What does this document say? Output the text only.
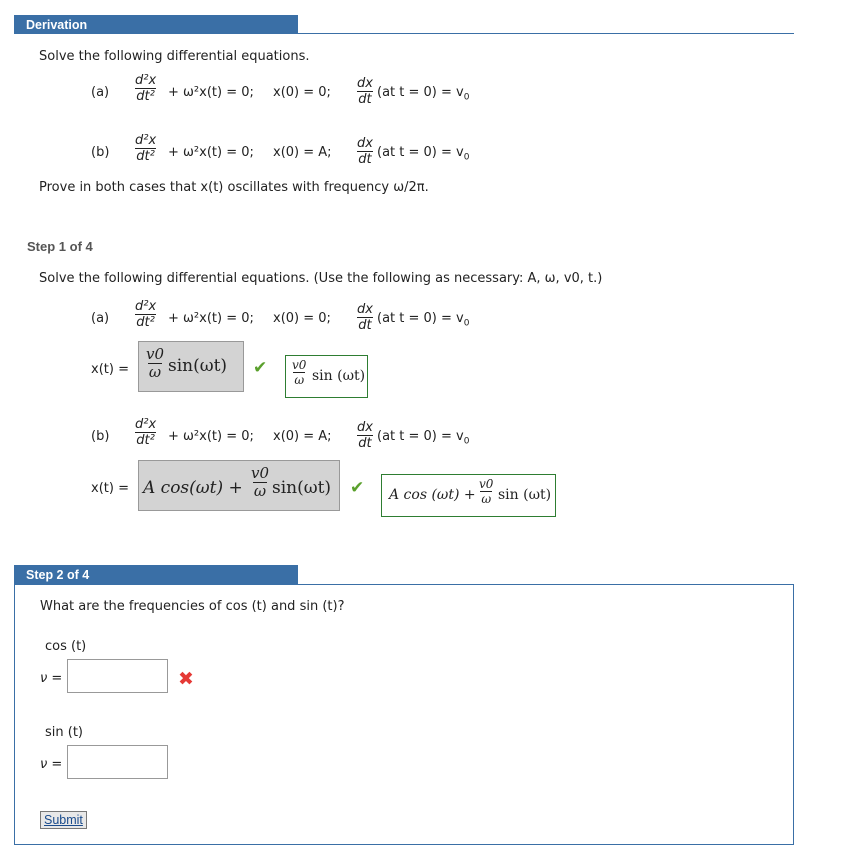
Derivation
Solve the following differential equations.
$(a) \frac{\text{d²x}}{\text{dt²}} + \omega^2x(t) = 0$; x(0) = 0; $\frac{dx}{dt} (at$ $t = 0) = v_0$
$(b) \frac{\text{d²x}}{\text{dt²}} + \omega^2x(t) = 0$; x(0) = A; $\frac{dx}{dt} (at$ $t = 0) = v_0$
Prove in both cases that x(t) oscillates with frequency ω/2π.
Step 1 of 4
Solve the following differential equations. (Use the following as necessary: A, ω, v0, t.)
$(a) \frac{\text{d²x}}{\text{dt²}} + \omega^2x(t) = 0$; x(0) = 0; $\frac{dx}{dt} (at$ $t = 0) = v_0$
$x(t) = \frac{v0}{\omega} \sin(\omega t)$ ✔ $\frac{v0}{\omega}$ sin (ωt)
$(b) \frac{\text{d²x}}{\text{dt²}} + \omega^2x(t) = 0$; x(0) = A; $\frac{dx}{dt} (at$ $t = 0) = v_0$
x(t) = A $\cos(\omega t) + \frac{v0}{\omega} \sin(\omega t)$ ✔ A $\cos (\omega t) + \frac{v0}{\omega}$ sin (ωt)
Step 2 of 4
What are the frequencies of cos (t) and sin (t)?
cos (t)
ν =	✖
sin (t)
ν =
Submit
